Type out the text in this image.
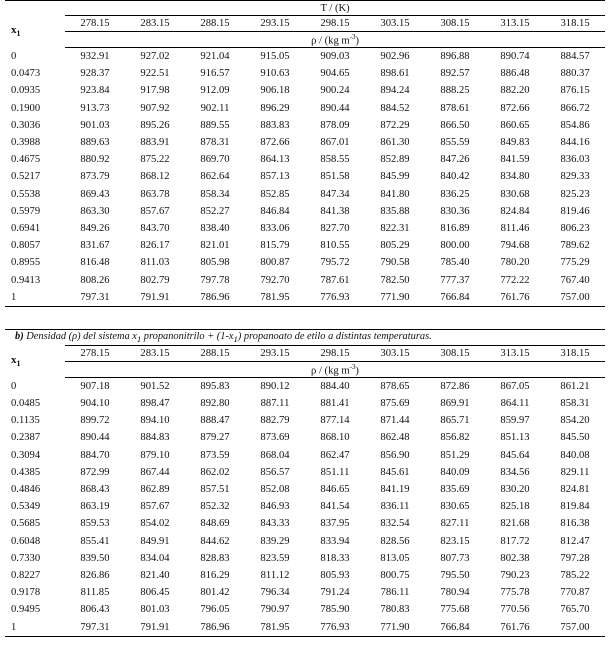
	T / (K)								
$x_1$	278.15	283.15	288.15	293.15	298.15	303.15	308.15	313.15	318.15
	ρ / (kg $m^{-3}$)								
0	932.91	927.02	921.04	915.05	909.03	902.96	896.88	890.74	884.57
0.0473	928.37	922.51	916.57	910.63	904.65	898.61	892.57	886.48	880.37
0.0935	923.84	917.98	912.09	906.18	900.24	894.24	888.25	882.20	876.15
0.1900	913.73	907.92	902.11	896.29	890.44	884.52	878.61	872.66	866.72
0.3036	901.03	895.26	889.55	883.83	878.09	872.29	866.50	860.65	854.86
0.3988	889.63	883.91	878.31	872.66	867.01	861.30	855.59	849.83	844.16
0.4675	880.92	875.22	869.70	864.13	858.55	852.89	847.26	841.59	836.03
0.5217	873.79	868.12	862.64	857.13	851.58	845.99	840.42	834.80	829.33
0.5538	869.43	863.78	858.34	852.85	847.34	841.80	836.25	830.68	825.23
0.5979	863.30	857.67	852.27	846.84	841.38	835.88	830.36	824.84	819.46
0.6941	849.26	843.70	838.40	833.06	827.70	822.31	816.89	811.46	806.23
0.8057	831.67	826.17	821.01	815.79	810.55	805.29	800.00	794.68	789.62
0.8955	816.48	811.03	805.98	800.87	795.72	790.58	785.40	780.20	775.29
0.9413	808.26	802.79	797.78	792.70	787.61	782.50	777.37	772.22	767.40
1	797.31	791.91	786.96	781.95	776.93	771.90	766.84	761.76	757.00
b) Densidad (ρ) del sistema $x_1$ propanonitrilo + $(1-x_1)$ propanoato de etilo a distintas temperaturas.									
$x_1$	278.15	283.15	288.15	293.15	298.15	303.15	308.15	313.15	318.15
	ρ / (kg $m^{-3}$)								
0	907.18	901.52	895.83	890.12	884.40	878.65	872.86	867.05	861.21
0.0485	904.10	898.47	892.80	887.11	881.41	875.69	869.91	864.11	858.31
0.1135	899.72	894.10	888.47	882.79	877.14	871.44	865.71	859.97	854.20
0.2387	890.44	884.83	879.27	873.69	868.10	862.48	856.82	851.13	845.50
0.3094	884.70	879.10	873.59	868.04	862.47	856.90	851.29	845.64	840.08
0.4385	872.99	867.44	862.02	856.57	851.11	845.61	840.09	834.56	829.11
0.4846	868.43	862.89	857.51	852.08	846.65	841.19	835.69	830.20	824.81
0.5349	863.19	857.67	852.32	846.93	841.54	836.11	830.65	825.18	819.84
0.5685	859.53	854.02	848.69	843.33	837.95	832.54	827.11	821.68	816.38
0.6048	855.41	849.91	844.62	839.29	833.94	828.56	823.15	817.72	812.47
0.7330	839.50	834.04	828.83	823.59	818.33	813.05	807.73	802.38	797.28
0.8227	826.86	821.40	816.29	811.12	805.93	800.75	795.50	790.23	785.22
0.9178	811.85	806.45	801.42	796.34	791.24	786.11	780.94	775.78	770.87
0.9495	806.43	801.03	796.05	790.97	785.90	780.83	775.68	770.56	765.70
1	797.31	791.91	786.96	781.95	776.93	771.90	766.84	761.76	757.00
